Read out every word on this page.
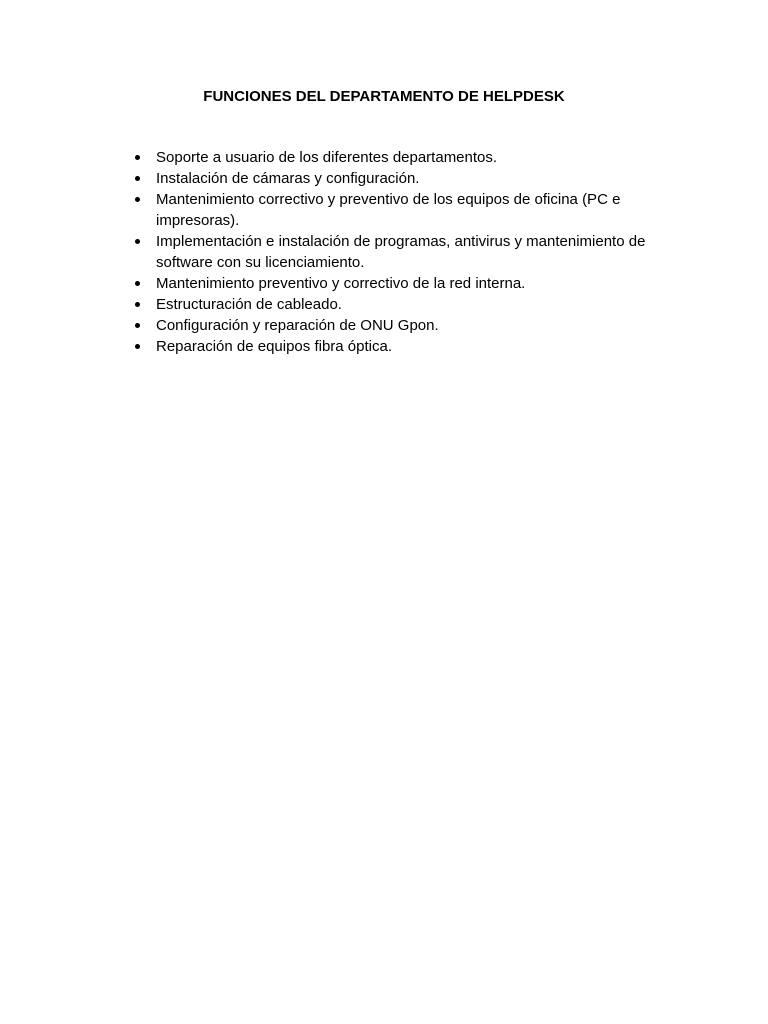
FUNCIONES DEL DEPARTAMENTO DE HELPDESK
Soporte a usuario de los diferentes departamentos.
Instalación de cámaras y configuración.
Mantenimiento correctivo y preventivo de los equipos de oficina (PC e impresoras).
Implementación e instalación de programas, antivirus y mantenimiento de software con su licenciamiento.
Mantenimiento preventivo y correctivo de la red interna.
Estructuración de cableado.
Configuración y reparación de ONU Gpon.
Reparación de equipos fibra óptica.
